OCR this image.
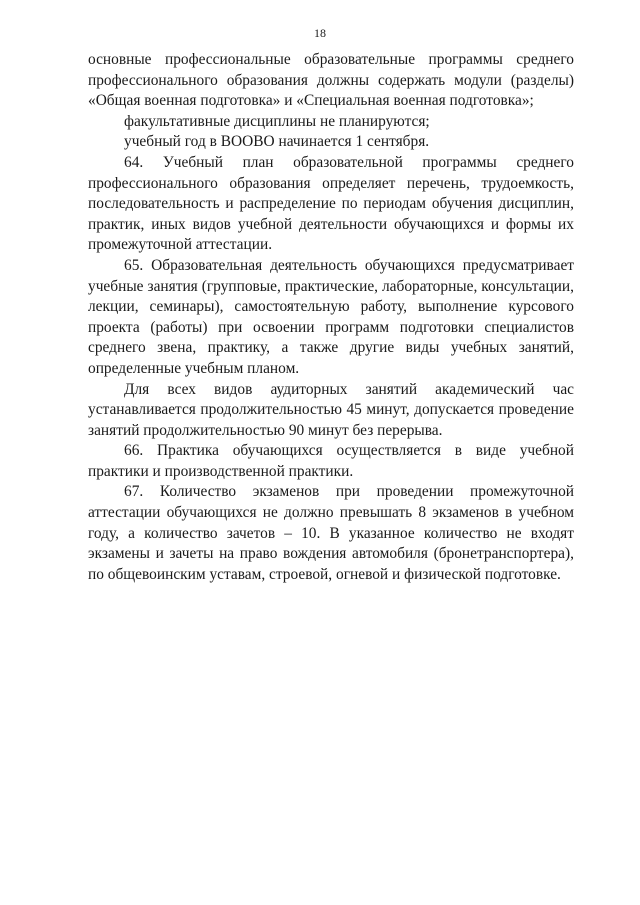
18

основные профессиональные образовательные программы среднего профессионального образования должны содержать модули (разделы) «Общая военная подготовка» и «Специальная военная подготовка»;

факультативные дисциплины не планируются;

учебный год в ВООВО начинается 1 сентября.

64. Учебный план образовательной программы среднего профессионального образования определяет перечень, трудоемкость, последовательность и распределение по периодам обучения дисциплин, практик, иных видов учебной деятельности обучающихся и формы их промежуточной аттестации.

65. Образовательная деятельность обучающихся предусматривает учебные занятия (групповые, практические, лабораторные, консультации, лекции, семинары), самостоятельную работу, выполнение курсового проекта (работы) при освоении программ подготовки специалистов среднего звена, практику, а также другие виды учебных занятий, определенные учебным планом.

Для всех видов аудиторных занятий академический час устанавливается продолжительностью 45 минут, допускается проведение занятий продолжительностью 90 минут без перерыва.

66. Практика обучающихся осуществляется в виде учебной практики и производственной практики.

67. Количество экзаменов при проведении промежуточной аттестации обучающихся не должно превышать 8 экзаменов в учебном году, а количество зачетов – 10. В указанное количество не входят экзамены и зачеты на право вождения автомобиля (бронетранспортера), по общевоинским уставам, строевой, огневой и физической подготовке.
